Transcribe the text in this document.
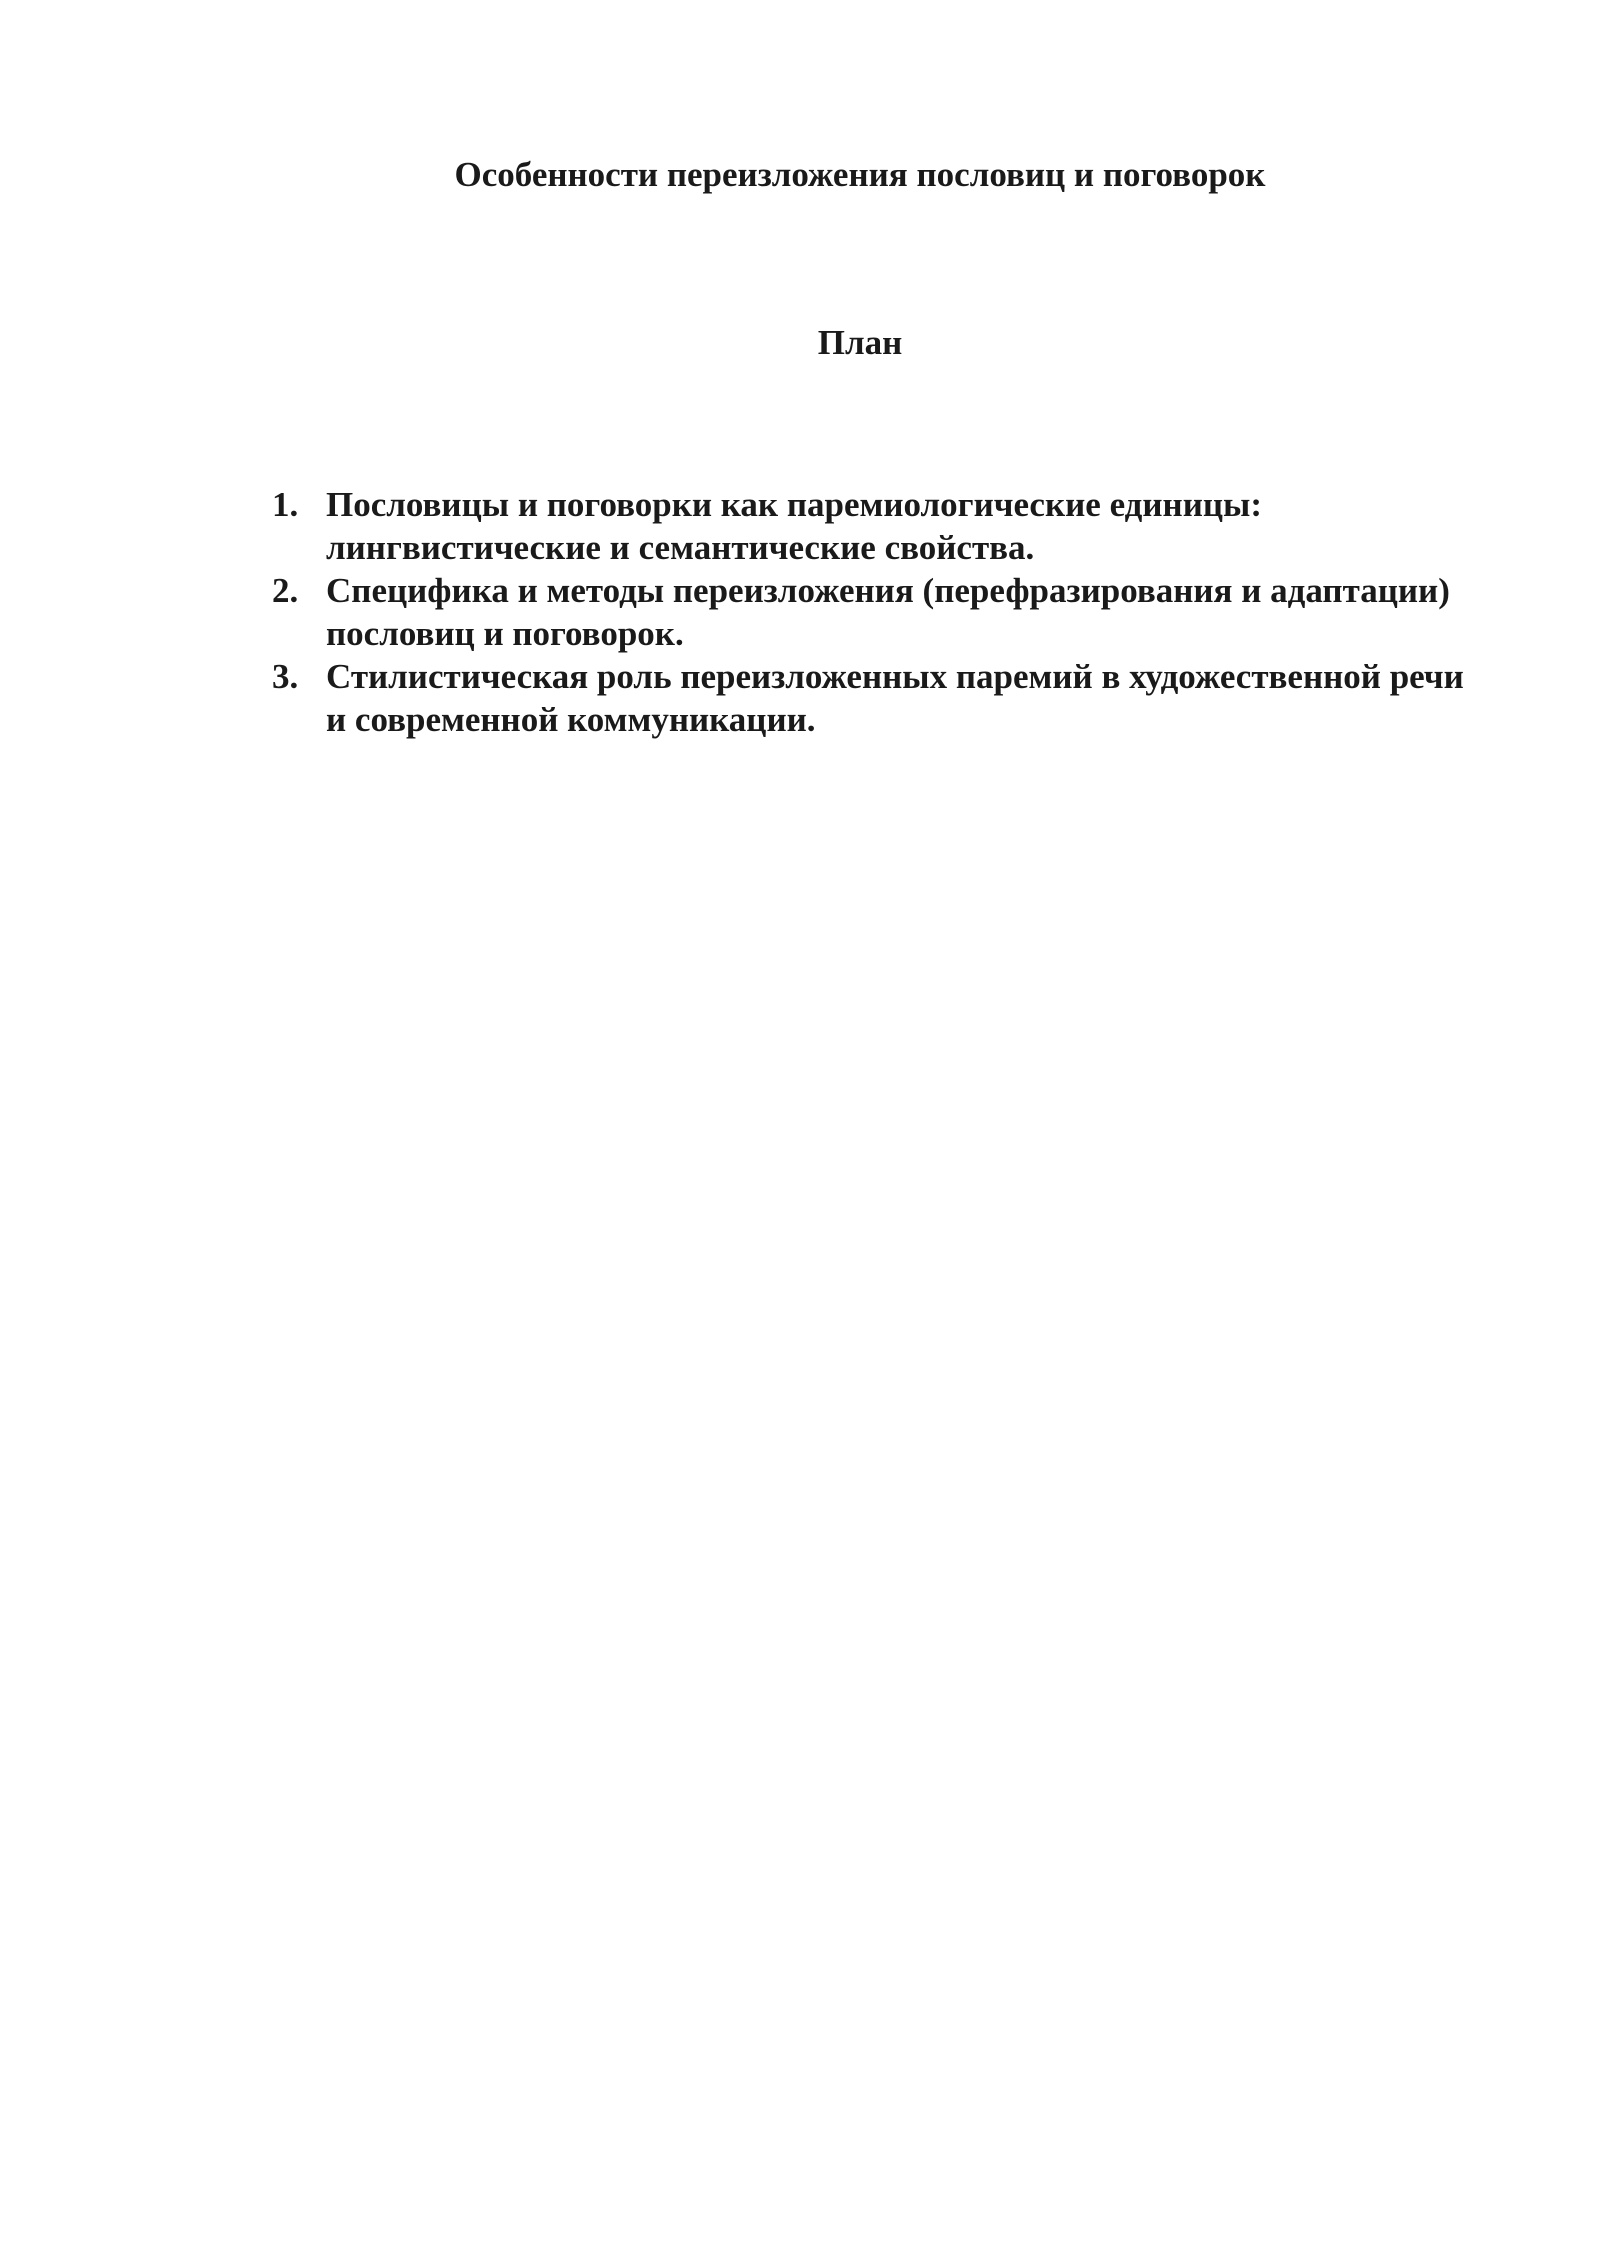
Особенности переизложения пословиц и поговорок
План
1. Пословицы и поговорки как паремиологические единицы: лингвистические и семантические свойства.
2. Специфика и методы переизложения (перефразирования и адаптации) пословиц и поговорок.
3. Стилистическая роль переизложенных паремий в художественной речи и современной коммуникации.
